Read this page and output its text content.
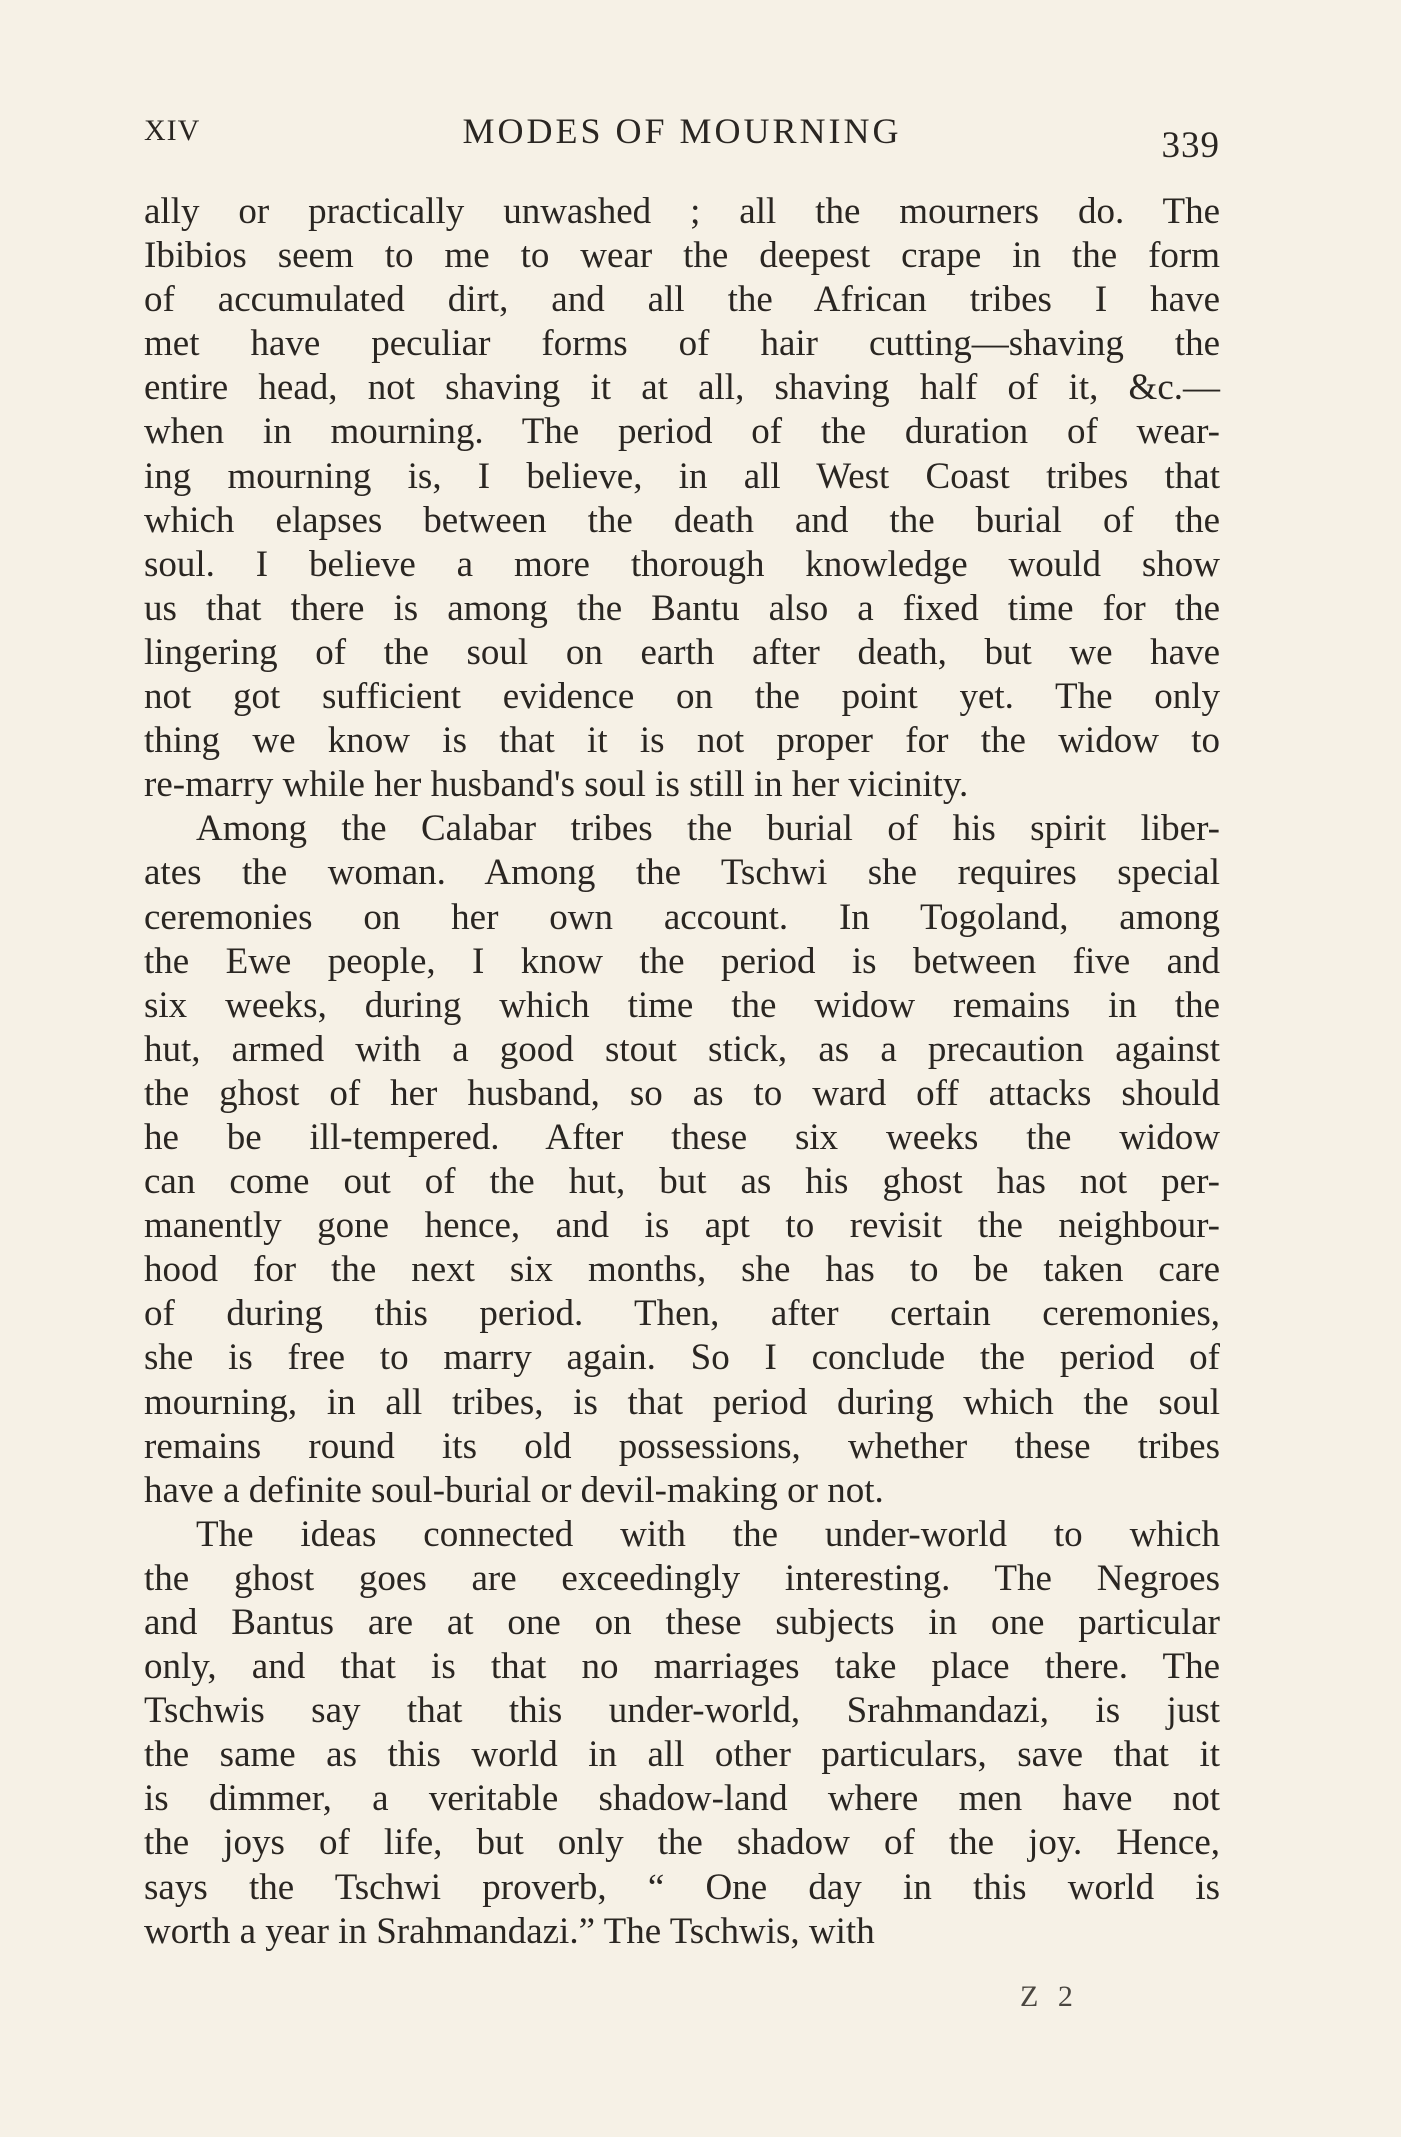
XIV	MODES OF MOURNING	339
ally or practically unwashed ; all the mourners do. The
Ibibios seem to me to wear the deepest crape in the form
of accumulated dirt, and all the African tribes I have
met have peculiar forms of hair cutting—shaving the
entire head, not shaving it at all, shaving half of it, &c.—
when in mourning. The period of the duration of wear-
ing mourning is, I believe, in all West Coast tribes that
which elapses between the death and the burial of the
soul. I believe a more thorough knowledge would show
us that there is among the Bantu also a fixed time for the
lingering of the soul on earth after death, but we have
not got sufficient evidence on the point yet. The only
thing we know is that it is not proper for the widow to
re-marry while her husband's soul is still in her vicinity.
Among the Calabar tribes the burial of his spirit liber-
ates the woman. Among the Tschwi she requires special
ceremonies on her own account. In Togoland, among
the Ewe people, I know the period is between five and
six weeks, during which time the widow remains in the
hut, armed with a good stout stick, as a precaution against
the ghost of her husband, so as to ward off attacks should
he be ill-tempered. After these six weeks the widow
can come out of the hut, but as his ghost has not per-
manently gone hence, and is apt to revisit the neighbour-
hood for the next six months, she has to be taken care
of during this period. Then, after certain ceremonies,
she is free to marry again. So I conclude the period of
mourning, in all tribes, is that period during which the soul
remains round its old possessions, whether these tribes
have a definite soul-burial or devil-making or not.
The ideas connected with the under-world to which
the ghost goes are exceedingly interesting. The Negroes
and Bantus are at one on these subjects in one particular
only, and that is that no marriages take place there. The
Tschwis say that this under-world, Srahmandazi, is just
the same as this world in all other particulars, save that it
is dimmer, a veritable shadow-land where men have not
the joys of life, but only the shadow of the joy. Hence,
says the Tschwi proverb, “ One day in this world is
worth a year in Srahmandazi.” The Tschwis, with
Z 2
